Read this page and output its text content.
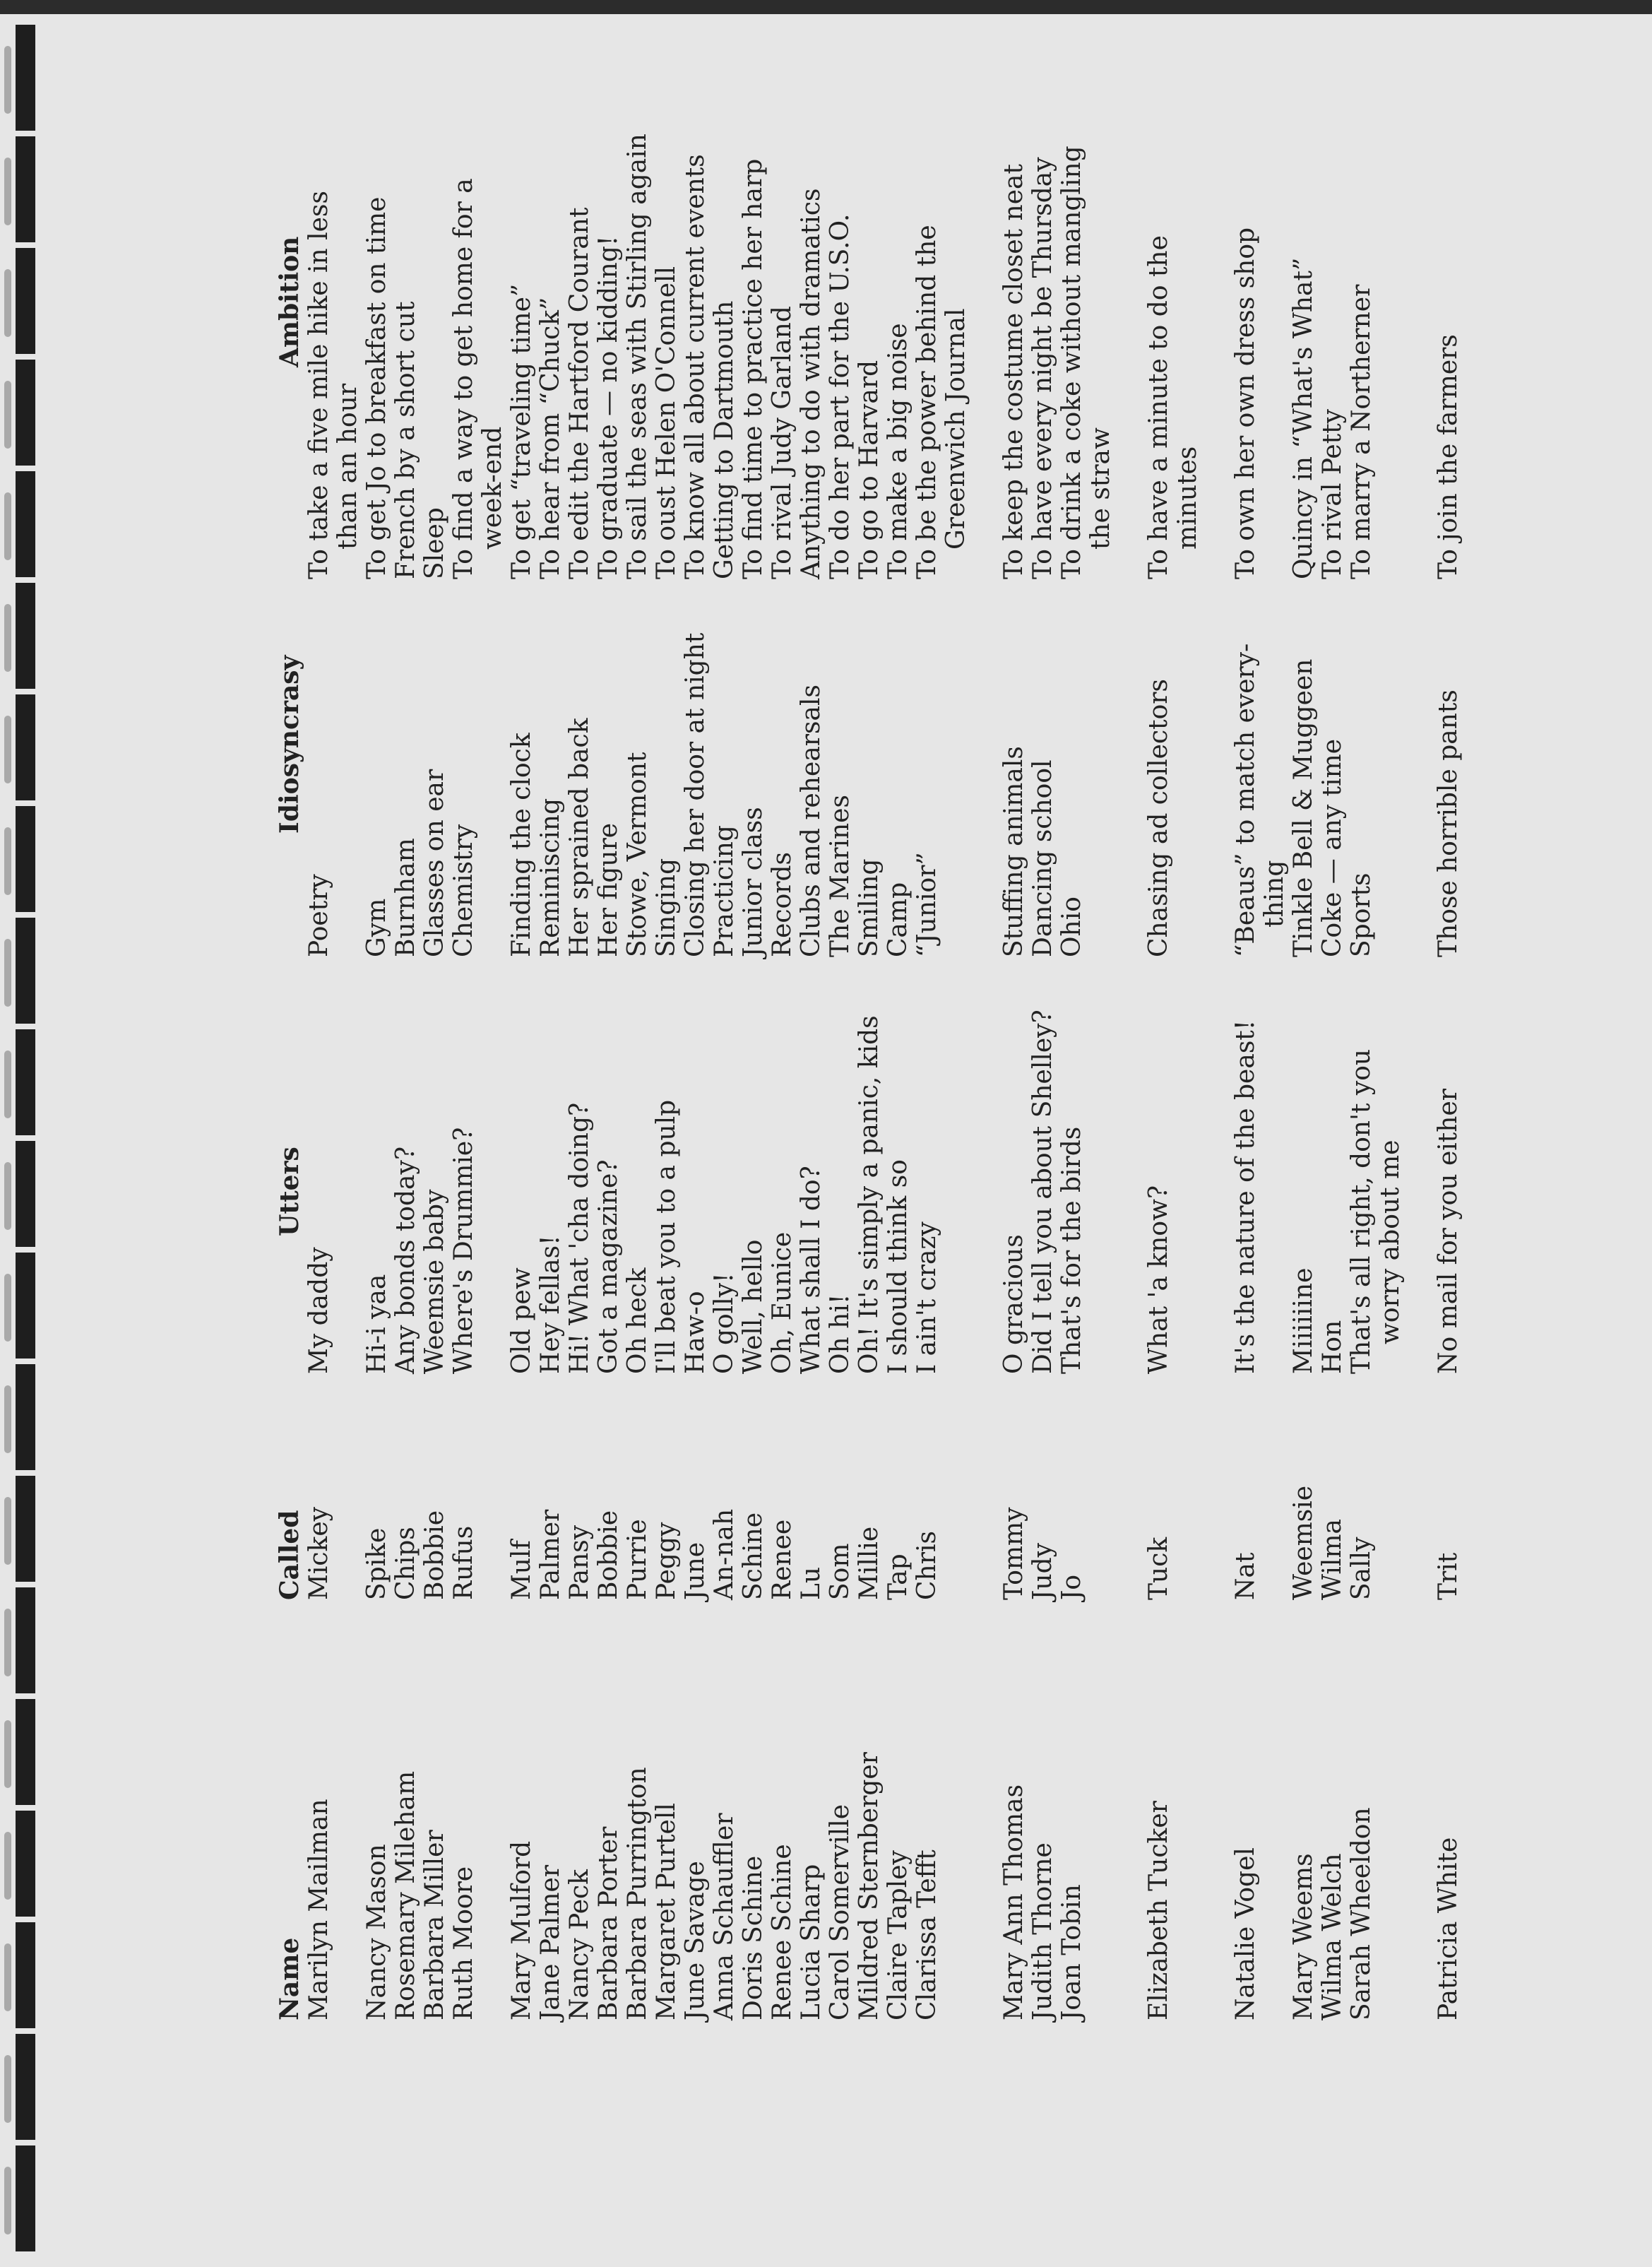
Name
Called
Utters
Idiosyncrasy
Ambition
Marilyn Mailman
Mickey
My daddy
Poetry
To take a five mile hike in less than an hour
Nancy Mason
Spike
Hi-i yaa
Gym
To get Jo to breakfast on time
Rosemary Mileham
Chips
Any bonds today?
Burnham
French by a short cut
Barbara Miller
Bobbie
Weemsie baby
Glasses on ear
Sleep
Ruth Moore
Rufus
Where's Drummie?
Chemistry
To find a way to get home for a week-end
Mary Mulford
Mulf
Old pew
Finding the clock
To get “traveling time”
Jane Palmer
Palmer
Hey fellas!
Reminiscing
To hear from “Chuck”
Nancy Peck
Pansy
Hi! What 'cha doing?
Her sprained back
To edit the Hartford Courant
Barbara Porter
Bobbie
Got a magazine?
Her figure
To graduate — no kidding!
Barbara Purrington
Purrie
Oh heck
Stowe, Vermont
To sail the seas with Stirling again
Margaret Purtell
Peggy
I'll beat you to a pulp
Singing
To oust Helen O'Connell
June Savage
June
Haw-o
Closing her door at night
To know all about current events
Anna Schauffler
An-nah
O golly!
Practicing
Getting to Dartmouth
Doris Schine
Schine
Well, hello
Junior class
To find time to practice her harp
Renee Schine
Renee
Oh, Eunice
Records
To rival Judy Garland
Lucia Sharp
Lu
What shall I do?
Clubs and rehearsals
Anything to do with dramatics
Carol Somerville
Som
Oh hi!
The Marines
To do her part for the U.S.O.
Mildred Sternberger
Millie
Oh! It's simply a panic, kids
Smiling
To go to Harvard
Claire Tapley
Tap
I should think so
Camp
To make a big noise
Clarissa Tefft
Chris
I ain't crazy
“Junior”
To be the power behind the Greenwich Journal
Mary Ann Thomas
Tommy
O gracious
Stuffing animals
To keep the costume closet neat
Judith Thorne
Judy
Did I tell you about Shelley?
Dancing school
To have every night be Thursday
Joan Tobin
Jo
That's for the birds
Ohio
To drink a coke without mangling the straw
Elizabeth Tucker
Tuck
What 'a know?
Chasing ad collectors
To have a minute to do the minutes
Natalie Vogel
Nat
It's the nature of the beast!
“Beaus” to match every- thing
To own her own dress shop
Mary Weems
Weemsie
Miiiiiine
Tinkle Bell & Muggeen
Quincy in “What's What”
Wilma Welch
Wilma
Hon
Coke — any time
To rival Petty
Sarah Wheeldon
Sally
That's all right, don't you worry about me
Sports
To marry a Northerner
Patricia White
Trit
No mail for you either
Those horrible pants
To join the farmers
